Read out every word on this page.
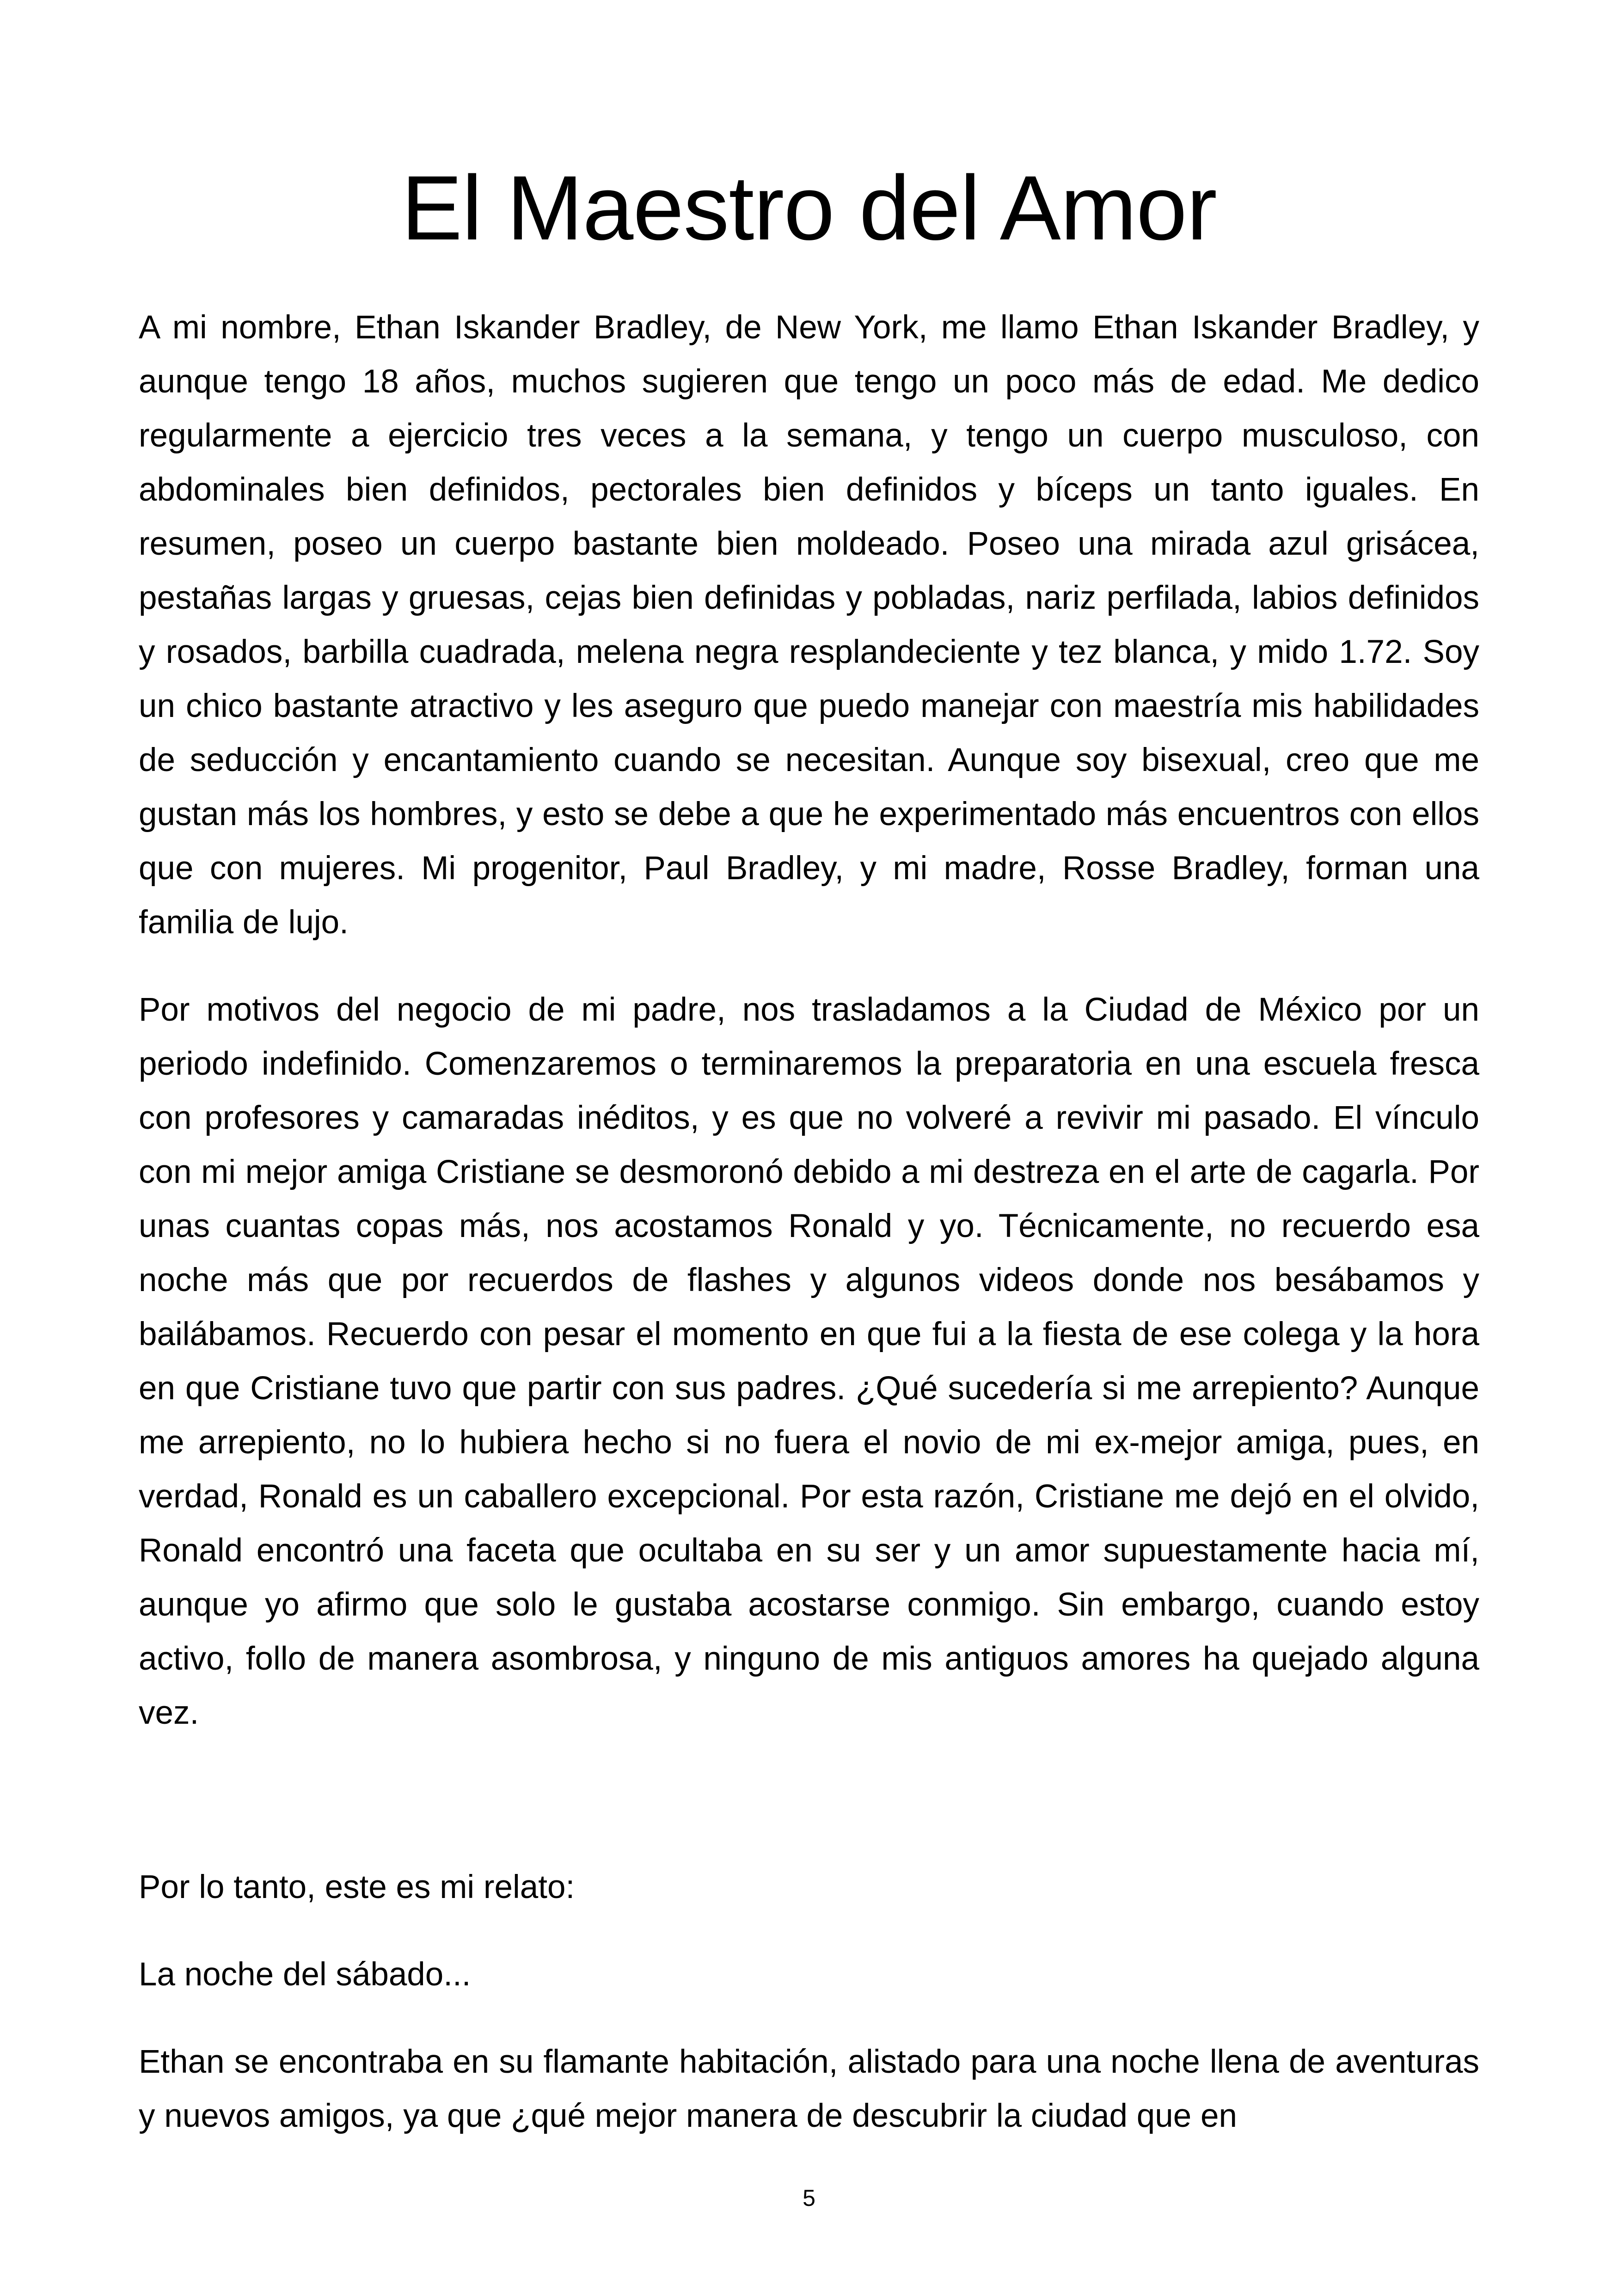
El Maestro del Amor

A mi nombre, Ethan Iskander Bradley, de New York, me llamo Ethan Iskander Bradley, y aunque tengo 18 años, muchos sugieren que tengo un poco más de edad. Me dedico regularmente a ejercicio tres veces a la semana, y tengo un cuerpo musculoso, con abdominales bien definidos, pectorales bien definidos y bíceps un tanto iguales. En resumen, poseo un cuerpo bastante bien moldeado. Poseo una mirada azul grisácea, pestañas largas y gruesas, cejas bien definidas y pobladas, nariz perfilada, labios definidos y rosados, barbilla cuadrada, melena negra resplandeciente y tez blanca, y mido 1.72. Soy un chico bastante atractivo y les aseguro que puedo manejar con maestría mis habilidades de seducción y encantamiento cuando se necesitan. Aunque soy bisexual, creo que me gustan más los hombres, y esto se debe a que he experimentado más encuentros con ellos que con mujeres. Mi progenitor, Paul Bradley, y mi madre, Rosse Bradley, forman una familia de lujo.

Por motivos del negocio de mi padre, nos trasladamos a la Ciudad de México por un periodo indefinido. Comenzaremos o terminaremos la preparatoria en una escuela fresca con profesores y camaradas inéditos, y es que no volveré a revivir mi pasado. El vínculo con mi mejor amiga Cristiane se desmoronó debido a mi destreza en el arte de cagarla. Por unas cuantas copas más, nos acostamos Ronald y yo. Técnicamente, no recuerdo esa noche más que por recuerdos de flashes y algunos videos donde nos besábamos y bailábamos. Recuerdo con pesar el momento en que fui a la fiesta de ese colega y la hora en que Cristiane tuvo que partir con sus padres. ¿Qué sucedería si me arrepiento? Aunque me arrepiento, no lo hubiera hecho si no fuera el novio de mi ex-mejor amiga, pues, en verdad, Ronald es un caballero excepcional. Por esta razón, Cristiane me dejó en el olvido, Ronald encontró una faceta que ocultaba en su ser y un amor supuestamente hacia mí, aunque yo afirmo que solo le gustaba acostarse conmigo. Sin embargo, cuando estoy activo, follo de manera asombrosa, y ninguno de mis antiguos amores ha quejado alguna vez.

Por lo tanto, este es mi relato:

La noche del sábado...

Ethan se encontraba en su flamante habitación, alistado para una noche llena de aventuras y nuevos amigos, ya que ¿qué mejor manera de descubrir la ciudad que en

5
